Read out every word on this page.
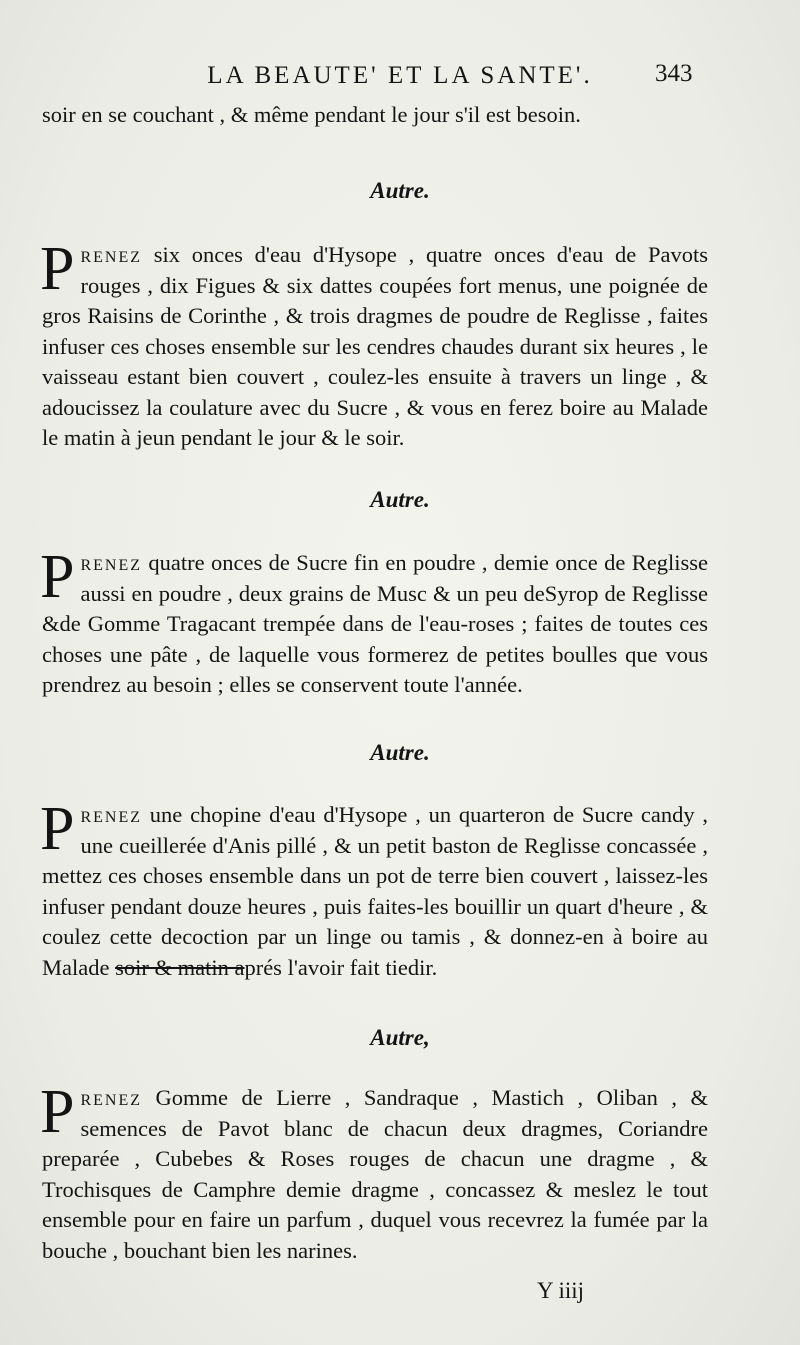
LA BEAUTE' ET LA SANTE'.	343

soir en se couchant , & même pendant le jour s'il est besoin.

Autre.

Prenez six onces d'eau d'Hysope , quatre onces d'eau de Pavots rouges , dix Figues & six dattes coupées fort menus, une poignée de gros Raisins de Corinthe , & trois dragmes de poudre de Reglisse , faites infuser ces choses ensemble sur les cendres chaudes durant six heures , le vaisseau estant bien couvert , coulez-les ensuite à travers un linge , & adoucissez la coulature avec du Sucre , & vous en ferez boire au Malade le matin à jeun pendant le jour & le soir.

Autre.

Prenez quatre onces de Sucre fin en poudre , demie once de Reglisse aussi en poudre , deux grains de Musc & un peu deSyrop de Reglisse &de Gomme Tragacant trempée dans de l'eau-roses ; faites de toutes ces choses une pâte , de laquelle vous formerez de petites boulles que vous prendrez au besoin ; elles se conservent toute l'année.

Autre.

Prenez une chopine d'eau d'Hysope , un quarteron de Sucre candy , une cueillerée d'Anis pillé , & un petit baston de Reglisse concassée , mettez ces choses ensemble dans un pot de terre bien couvert , laissez-les infuser pendant douze heures , puis faites-les bouillir un quart d'heure , & coulez cette decoction par un linge ou tamis , & donnez-en à boire au Malade soir & matin aprés l'avoir fait tiedir.

Autre,

Prenez Gomme de Lierre , Sandraque , Mastich , Oliban , & semences de Pavot blanc de chacun deux dragmes, Coriandre preparée , Cubebes & Roses rouges de chacun une dragme , & Trochisques de Camphre demie dragme , concassez & meslez le tout ensemble pour en faire un parfum , duquel vous recevrez la fumée par la bouche , bouchant bien les narines.

Y iiij
